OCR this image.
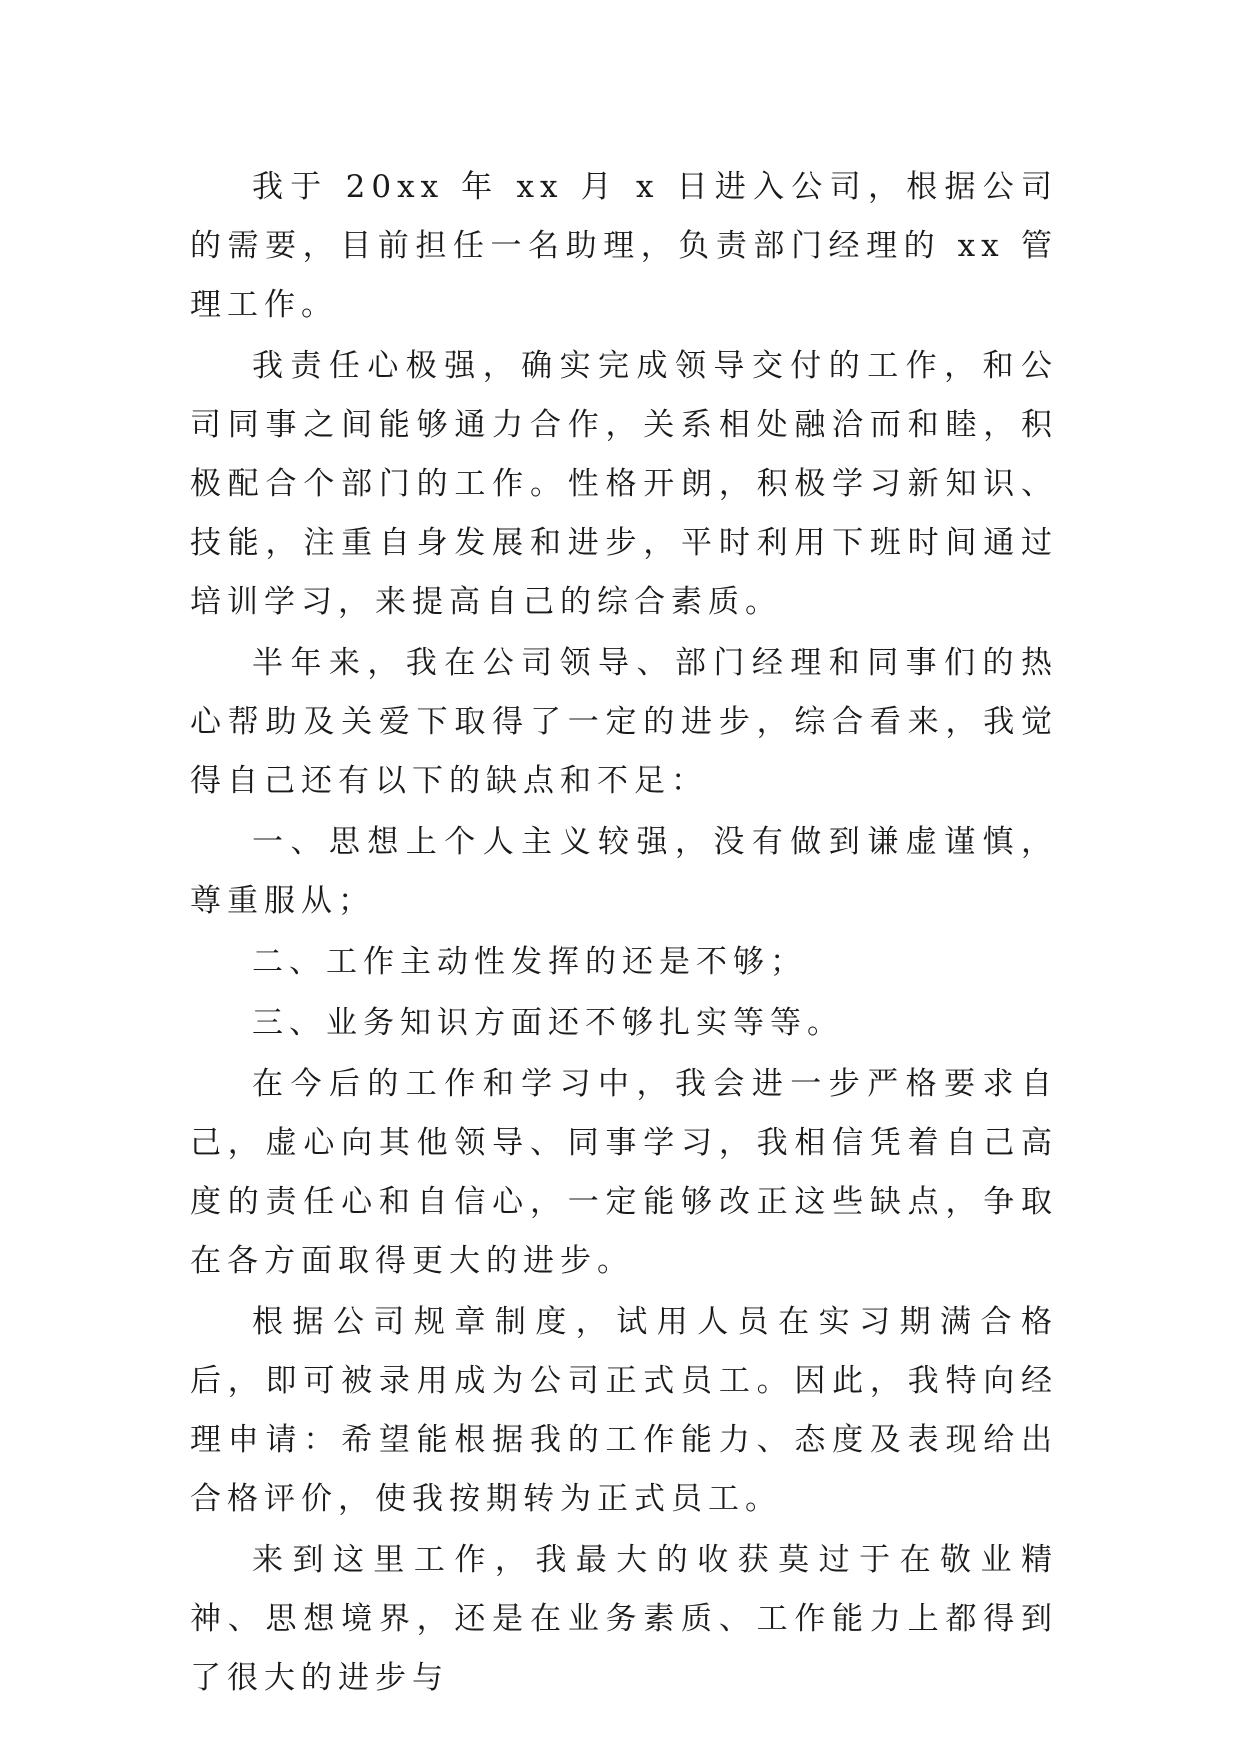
我于 20xx 年 xx 月 x 日进入公司，根据公司的需要，目前担任一名助理，负责部门经理的 xx 管理工作。

我责任心极强，确实完成领导交付的工作，和公司同事之间能够通力合作，关系相处融洽而和睦，积极配合个部门的工作。性格开朗，积极学习新知识、技能，注重自身发展和进步，平时利用下班时间通过培训学习，来提高自己的综合素质。

半年来，我在公司领导、部门经理和同事们的热心帮助及关爱下取得了一定的进步，综合看来，我觉得自己还有以下的缺点和不足：

一、思想上个人主义较强，没有做到谦虚谨慎，尊重服从；

二、工作主动性发挥的还是不够；

三、业务知识方面还不够扎实等等。

在今后的工作和学习中，我会进一步严格要求自己，虚心向其他领导、同事学习，我相信凭着自己高度的责任心和自信心，一定能够改正这些缺点，争取在各方面取得更大的进步。

根据公司规章制度，试用人员在实习期满合格后，即可被录用成为公司正式员工。因此，我特向经理申请：希望能根据我的工作能力、态度及表现给出合格评价，使我按期转为正式员工。

来到这里工作，我最大的收获莫过于在敬业精神、思想境界，还是在业务素质、工作能力上都得到了很大的进步与
